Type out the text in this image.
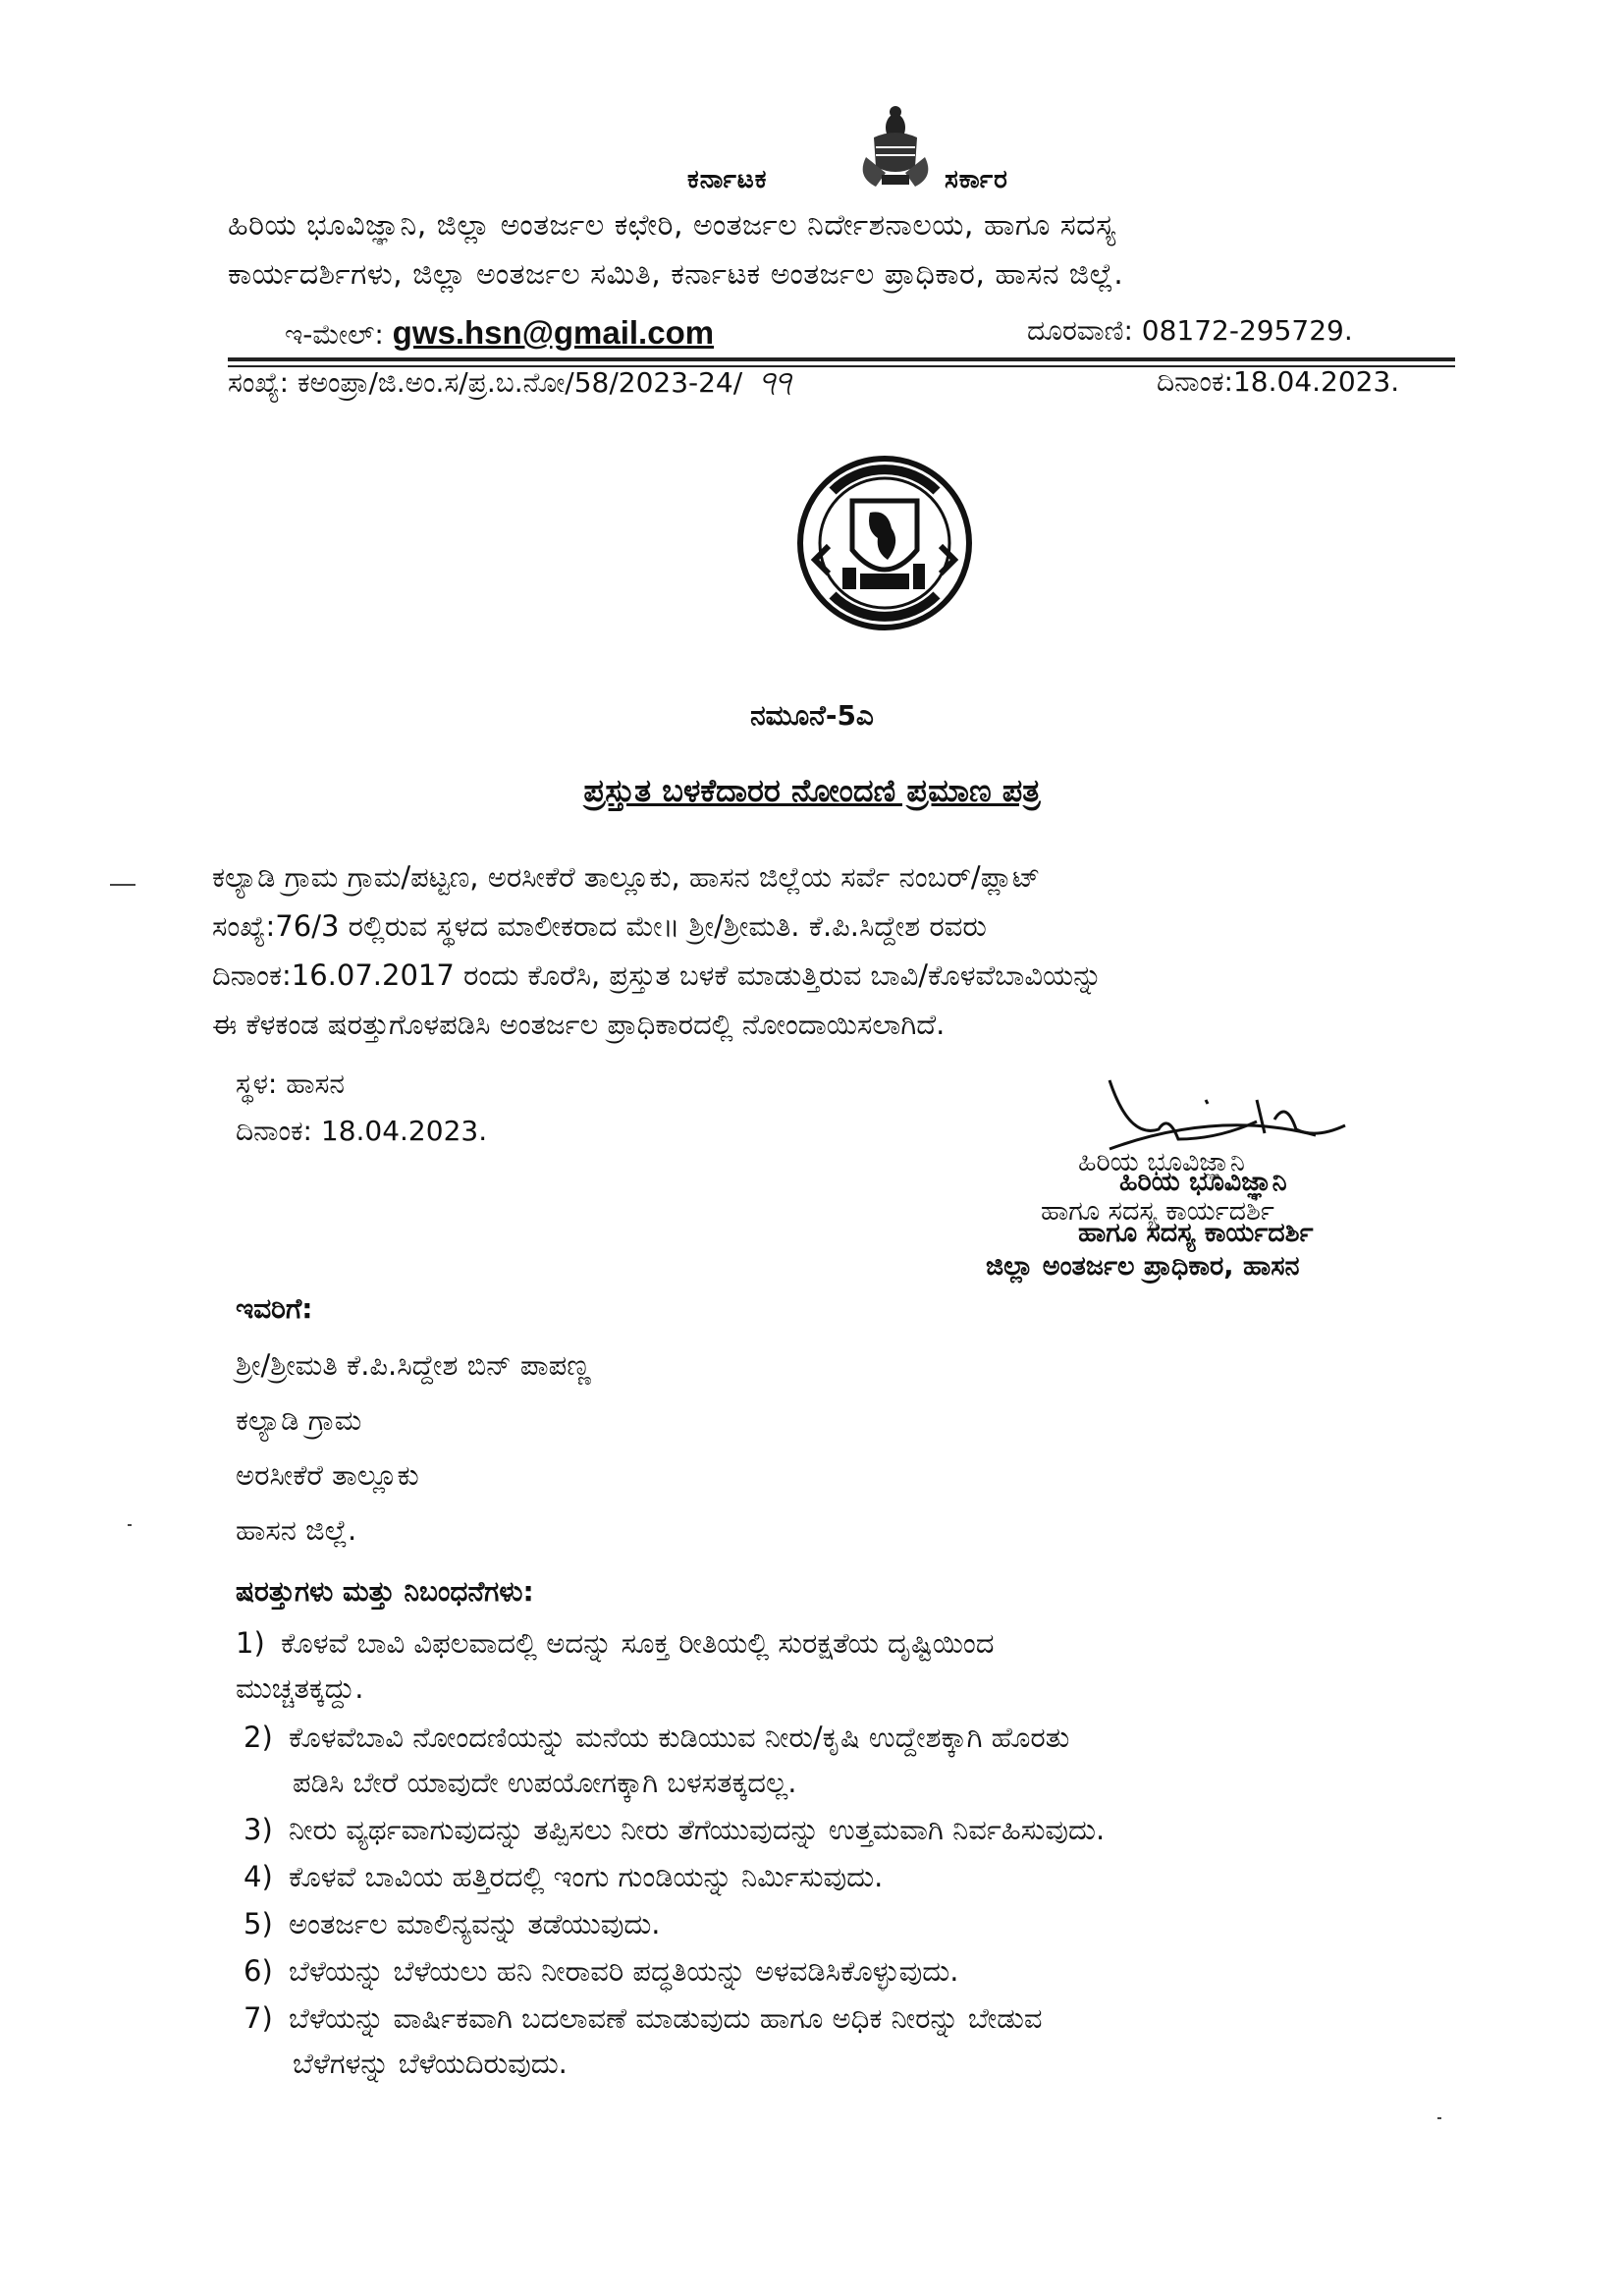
ಕರ್ನಾಟಕ	ಸರ್ಕಾರ
ಹಿರಿಯ ಭೂವಿಜ್ಞಾನಿ, ಜಿಲ್ಲಾ ಅಂತರ್ಜಲ ಕಛೇರಿ, ಅಂತರ್ಜಲ ನಿರ್ದೇಶನಾಲಯ, ಹಾಗೂ ಸದಸ್ಯ
ಕಾರ್ಯದರ್ಶಿಗಳು, ಜಿಲ್ಲಾ ಅಂತರ್ಜಲ ಸಮಿತಿ, ಕರ್ನಾಟಕ ಅಂತರ್ಜಲ ಪ್ರಾಧಿಕಾರ, ಹಾಸನ ಜಿಲ್ಲೆ.
ಇ-ಮೇಲ್: gws.hsn@gmail.com	ದೂರವಾಣಿ: 08172-295729.
ಸಂಖ್ಯೆ: ಕಅಂಪ್ರಾ/ಜಿ.ಅಂ.ಸ/ಪ್ರ.ಬ.ನೋ/58/2023-24/ ੧੧	ದಿನಾಂಕ:18.04.2023.
ನಮೂನೆ-5ಎ
ಪ್ರಸ್ತುತ ಬಳಕೆದಾರರ ನೋಂದಣಿ ಪ್ರಮಾಣ ಪತ್ರ
ಕಲ್ಯಾಡಿ ಗ್ರಾಮ ಗ್ರಾಮ/ಪಟ್ಟಣ, ಅರಸೀಕೆರೆ ತಾಲ್ಲೂಕು, ಹಾಸನ ಜಿಲ್ಲೆಯ ಸರ್ವೆ ನಂಬರ್/ಪ್ಲಾಟ್
ಸಂಖ್ಯೆ:76/3 ರಲ್ಲಿರುವ ಸ್ಥಳದ ಮಾಲೀಕರಾದ ಮೇ॥ ಶ್ರೀ/ಶ್ರೀಮತಿ. ಕೆ.ಪಿ.ಸಿದ್ದೇಶ ರವರು
ದಿನಾಂಕ:16.07.2017 ರಂದು ಕೊರೆಸಿ, ಪ್ರಸ್ತುತ ಬಳಕೆ ಮಾಡುತ್ತಿರುವ ಬಾವಿ/ಕೊಳವೆಬಾವಿಯನ್ನು
ಈ ಕೆಳಕಂಡ ಷರತ್ತುಗೊಳಪಡಿಸಿ ಅಂತರ್ಜಲ ಪ್ರಾಧಿಕಾರದಲ್ಲಿ ನೋಂದಾಯಿಸಲಾಗಿದೆ.
ಸ್ಥಳ: ಹಾಸನ
ದಿನಾಂಕ: 18.04.2023.
ಹಿರಿಯ ಭೂವಿಜ್ಞಾನಿ
ಹಿರಿಯ ಭೂವಿಜ್ಞಾನಿ
ಹಾಗೂ ಸದಸ್ಯ ಕಾರ್ಯದರ್ಶಿ
ಹಾಗೂ ಸದಸ್ಯ ಕಾರ್ಯದರ್ಶಿ
ಜಿಲ್ಲಾ ಅಂತರ್ಜಲ ಪ್ರಾಧಿಕಾರ, ಹಾಸನ
ಇವರಿಗೆ:
ಶ್ರೀ/ಶ್ರೀಮತಿ ಕೆ.ಪಿ.ಸಿದ್ದೇಶ ಬಿನ್ ಪಾಪಣ್ಣ
ಕಲ್ಯಾಡಿ ಗ್ರಾಮ
ಅರಸೀಕೆರೆ ತಾಲ್ಲೂಕು
ಹಾಸನ ಜಿಲ್ಲೆ.
ಷರತ್ತುಗಳು ಮತ್ತು ನಿಬಂಧನೆಗಳು:
1) ಕೊಳವೆ ಬಾವಿ ವಿಫಲವಾದಲ್ಲಿ ಅದನ್ನು ಸೂಕ್ತ ರೀತಿಯಲ್ಲಿ ಸುರಕ್ಷತೆಯ ದೃಷ್ಟಿಯಿಂದ
ಮುಚ್ಚತಕ್ಕದ್ದು.
2) ಕೊಳವೆಬಾವಿ ನೋಂದಣಿಯನ್ನು ಮನೆಯ ಕುಡಿಯುವ ನೀರು/ಕೃಷಿ ಉದ್ದೇಶಕ್ಕಾಗಿ ಹೊರತು
ಪಡಿಸಿ ಬೇರೆ ಯಾವುದೇ ಉಪಯೋಗಕ್ಕಾಗಿ ಬಳಸತಕ್ಕದಲ್ಲ.
3) ನೀರು ವ್ಯರ್ಥವಾಗುವುದನ್ನು ತಪ್ಪಿಸಲು ನೀರು ತೆಗೆಯುವುದನ್ನು ಉತ್ತಮವಾಗಿ ನಿರ್ವಹಿಸುವುದು.
4) ಕೊಳವೆ ಬಾವಿಯ ಹತ್ತಿರದಲ್ಲಿ ಇಂಗು ಗುಂಡಿಯನ್ನು ನಿರ್ಮಿಸುವುದು.
5) ಅಂತರ್ಜಲ ಮಾಲಿನ್ಯವನ್ನು ತಡೆಯುವುದು.
6) ಬೆಳೆಯನ್ನು ಬೆಳೆಯಲು ಹನಿ ನೀರಾವರಿ ಪದ್ಧತಿಯನ್ನು ಅಳವಡಿಸಿಕೊಳ್ಳುವುದು.
7) ಬೆಳೆಯನ್ನು ವಾರ್ಷಿಕವಾಗಿ ಬದಲಾವಣೆ ಮಾಡುವುದು ಹಾಗೂ ಅಧಿಕ ನೀರನ್ನು ಬೇಡುವ
ಬೆಳೆಗಳನ್ನು ಬೆಳೆಯದಿರುವುದು.
